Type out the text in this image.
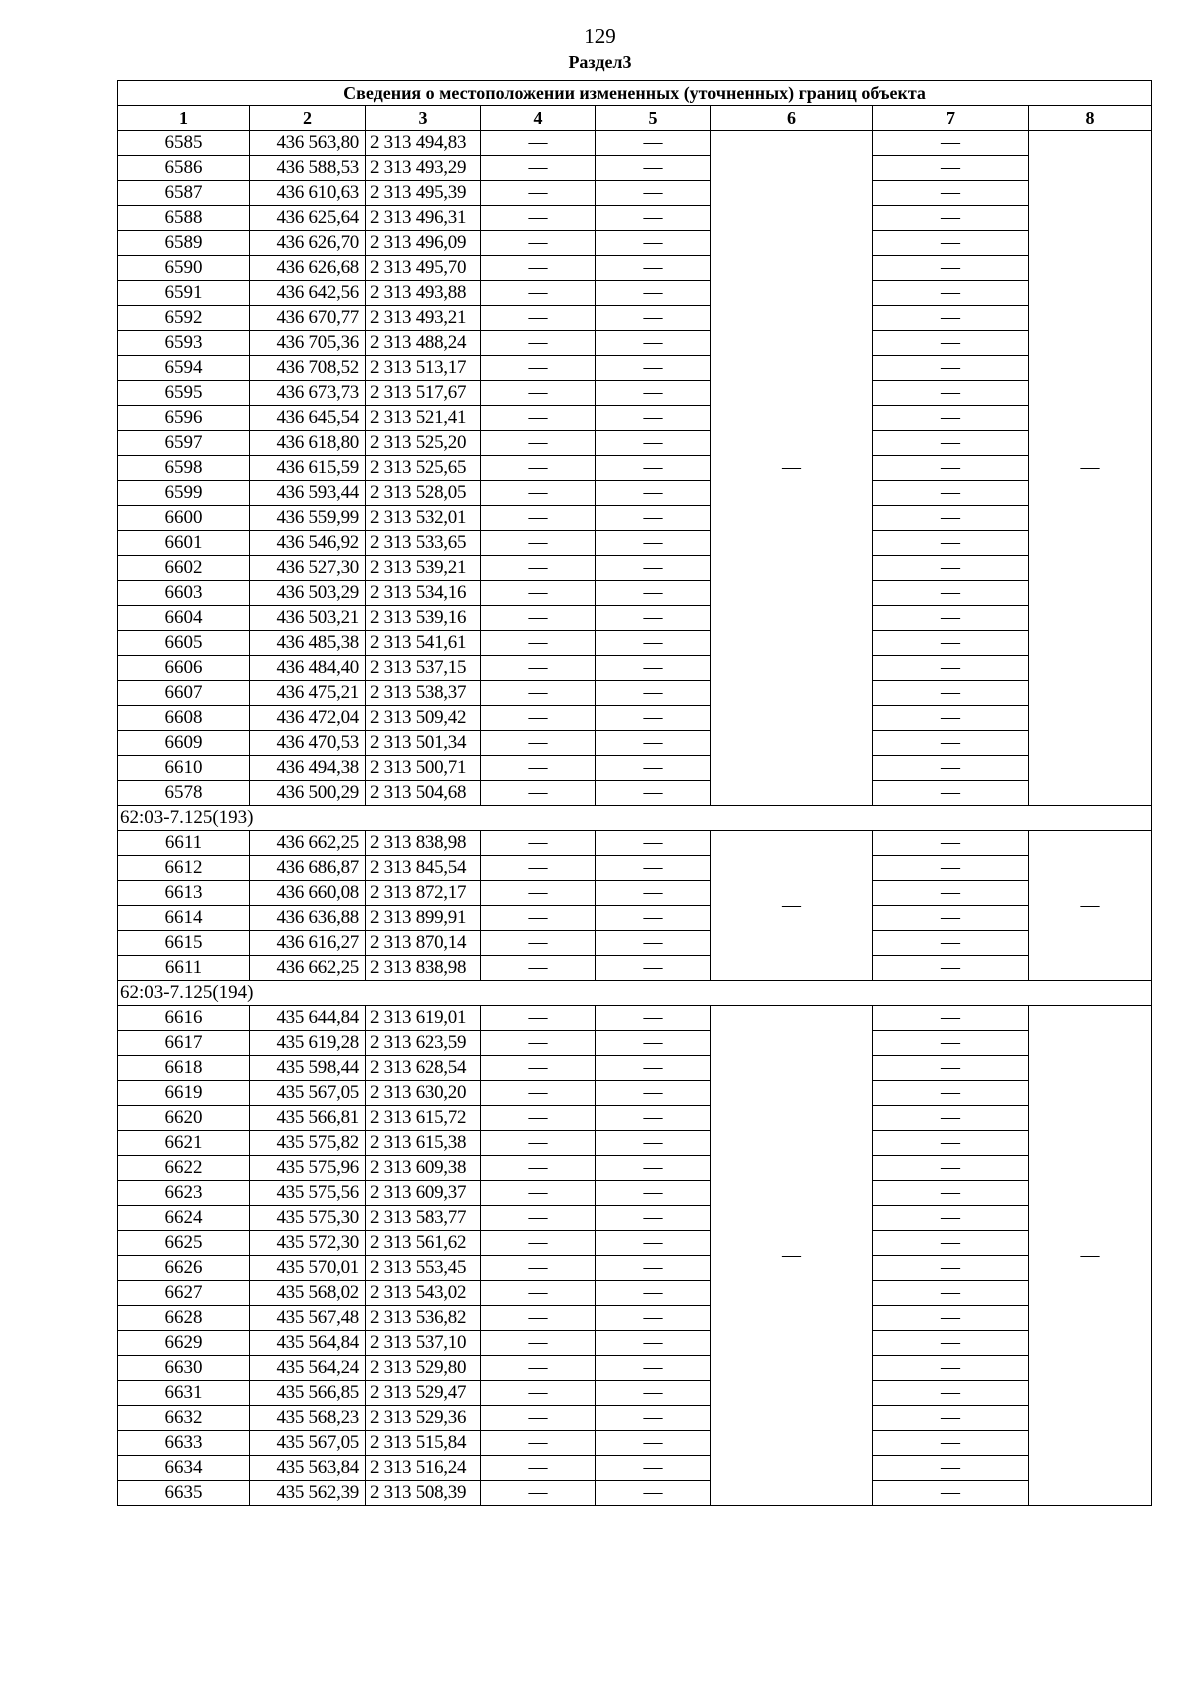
129
Раздел3
Сведения о местоположении измененных (уточненных) границ объекта							
1	2	3	4	5	6	7	8
6585	436 563,80	2 313 494,83	—	—	—	—	—
6586	436 588,53	2 313 493,29	—	—		—	
6587	436 610,63	2 313 495,39	—	—		—	
6588	436 625,64	2 313 496,31	—	—		—	
6589	436 626,70	2 313 496,09	—	—		—	
6590	436 626,68	2 313 495,70	—	—		—	
6591	436 642,56	2 313 493,88	—	—		—	
6592	436 670,77	2 313 493,21	—	—		—	
6593	436 705,36	2 313 488,24	—	—		—	
6594	436 708,52	2 313 513,17	—	—		—	
6595	436 673,73	2 313 517,67	—	—		—	
6596	436 645,54	2 313 521,41	—	—		—	
6597	436 618,80	2 313 525,20	—	—		—	
6598	436 615,59	2 313 525,65	—	—		—	
6599	436 593,44	2 313 528,05	—	—		—	
6600	436 559,99	2 313 532,01	—	—		—	
6601	436 546,92	2 313 533,65	—	—		—	
6602	436 527,30	2 313 539,21	—	—		—	
6603	436 503,29	2 313 534,16	—	—		—	
6604	436 503,21	2 313 539,16	—	—		—	
6605	436 485,38	2 313 541,61	—	—		—	
6606	436 484,40	2 313 537,15	—	—		—	
6607	436 475,21	2 313 538,37	—	—		—	
6608	436 472,04	2 313 509,42	—	—		—	
6609	436 470,53	2 313 501,34	—	—		—	
6610	436 494,38	2 313 500,71	—	—		—	
6578	436 500,29	2 313 504,68	—	—		—	
62:03-7.125(193)							
6611	436 662,25	2 313 838,98	—	—	—	—	—
6612	436 686,87	2 313 845,54	—	—		—	
6613	436 660,08	2 313 872,17	—	—		—	
6614	436 636,88	2 313 899,91	—	—		—	
6615	436 616,27	2 313 870,14	—	—		—	
6611	436 662,25	2 313 838,98	—	—		—	
62:03-7.125(194)							
6616	435 644,84	2 313 619,01	—	—	—	—	—
6617	435 619,28	2 313 623,59	—	—		—	
6618	435 598,44	2 313 628,54	—	—		—	
6619	435 567,05	2 313 630,20	—	—		—	
6620	435 566,81	2 313 615,72	—	—		—	
6621	435 575,82	2 313 615,38	—	—		—	
6622	435 575,96	2 313 609,38	—	—		—	
6623	435 575,56	2 313 609,37	—	—		—	
6624	435 575,30	2 313 583,77	—	—		—	
6625	435 572,30	2 313 561,62	—	—		—	
6626	435 570,01	2 313 553,45	—	—		—	
6627	435 568,02	2 313 543,02	—	—		—	
6628	435 567,48	2 313 536,82	—	—		—	
6629	435 564,84	2 313 537,10	—	—		—	
6630	435 564,24	2 313 529,80	—	—		—	
6631	435 566,85	2 313 529,47	—	—		—	
6632	435 568,23	2 313 529,36	—	—		—	
6633	435 567,05	2 313 515,84	—	—		—	
6634	435 563,84	2 313 516,24	—	—		—	
6635	435 562,39	2 313 508,39	—	—		—	
